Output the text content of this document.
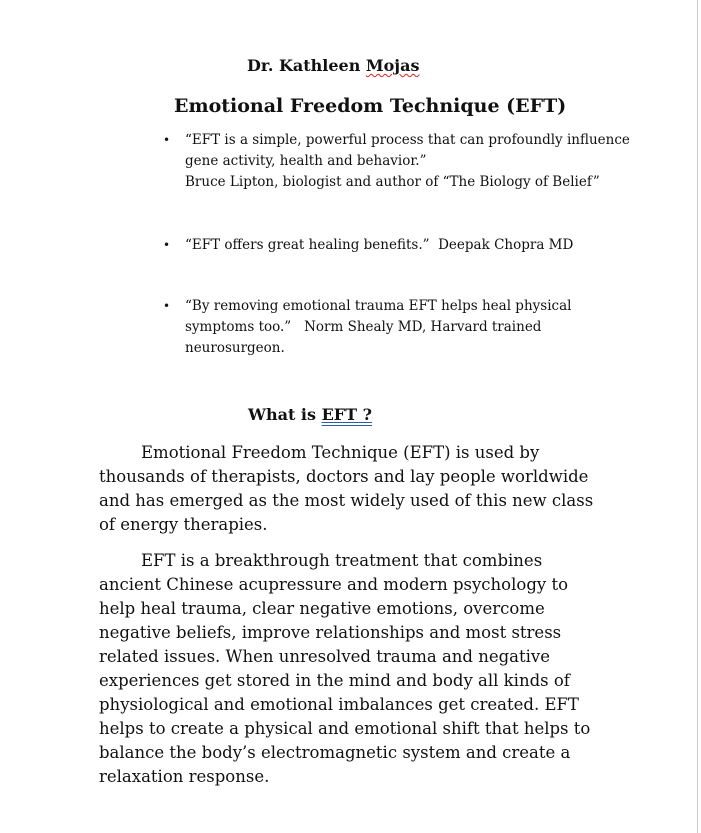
Dr. Kathleen Mojas
Emotional Freedom Technique (EFT)
• “EFT is a simple, powerful process that can profoundly influence gene activity, health and behavior.”
Bruce Lipton, biologist and author of “The Biology of Belief”
• “EFT offers great healing benefits.” Deepak Chopra MD
• “By removing emotional trauma EFT helps heal physical symptoms too.” Norm Shealy MD, Harvard trained neurosurgeon.
What is EFT ?

Emotional Freedom Technique (EFT) is used by thousands of therapists, doctors and lay people worldwide and has emerged as the most widely used of this new class of energy therapies.

EFT is a breakthrough treatment that combines ancient Chinese acupressure and modern psychology to help heal trauma, clear negative emotions, overcome negative beliefs, improve relationships and most stress related issues. When unresolved trauma and negative experiences get stored in the mind and body all kinds of physiological and emotional imbalances get created. EFT helps to create a physical and emotional shift that helps to balance the body’s electromagnetic system and create a relaxation response.
